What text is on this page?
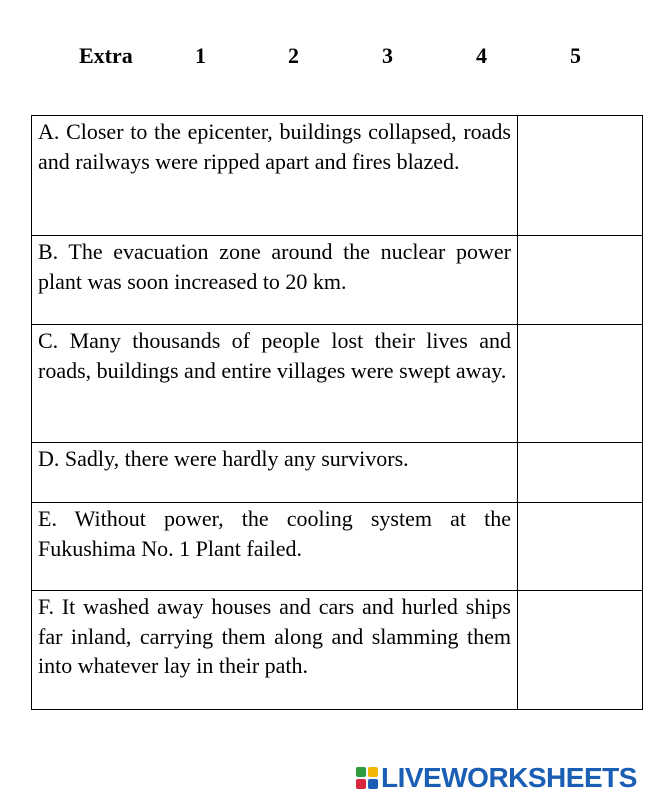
Extra	1	2	3	4	5
A. Closer to the epicenter, buildings collapsed, roads and railways were ripped apart and fires blazed.	
B. The evacuation zone around the nuclear power plant was soon increased to 20 km.	
C. Many thousands of people lost their lives and roads, buildings and entire villages were swept away.	
D. Sadly, there were hardly any survivors.	
E. Without power, the cooling system at the Fukushima No. 1 Plant failed.	
F. It washed away houses and cars and hurled ships far inland, carrying them along and slamming them into whatever lay in their path.	
LIVEWORKSHEETS
